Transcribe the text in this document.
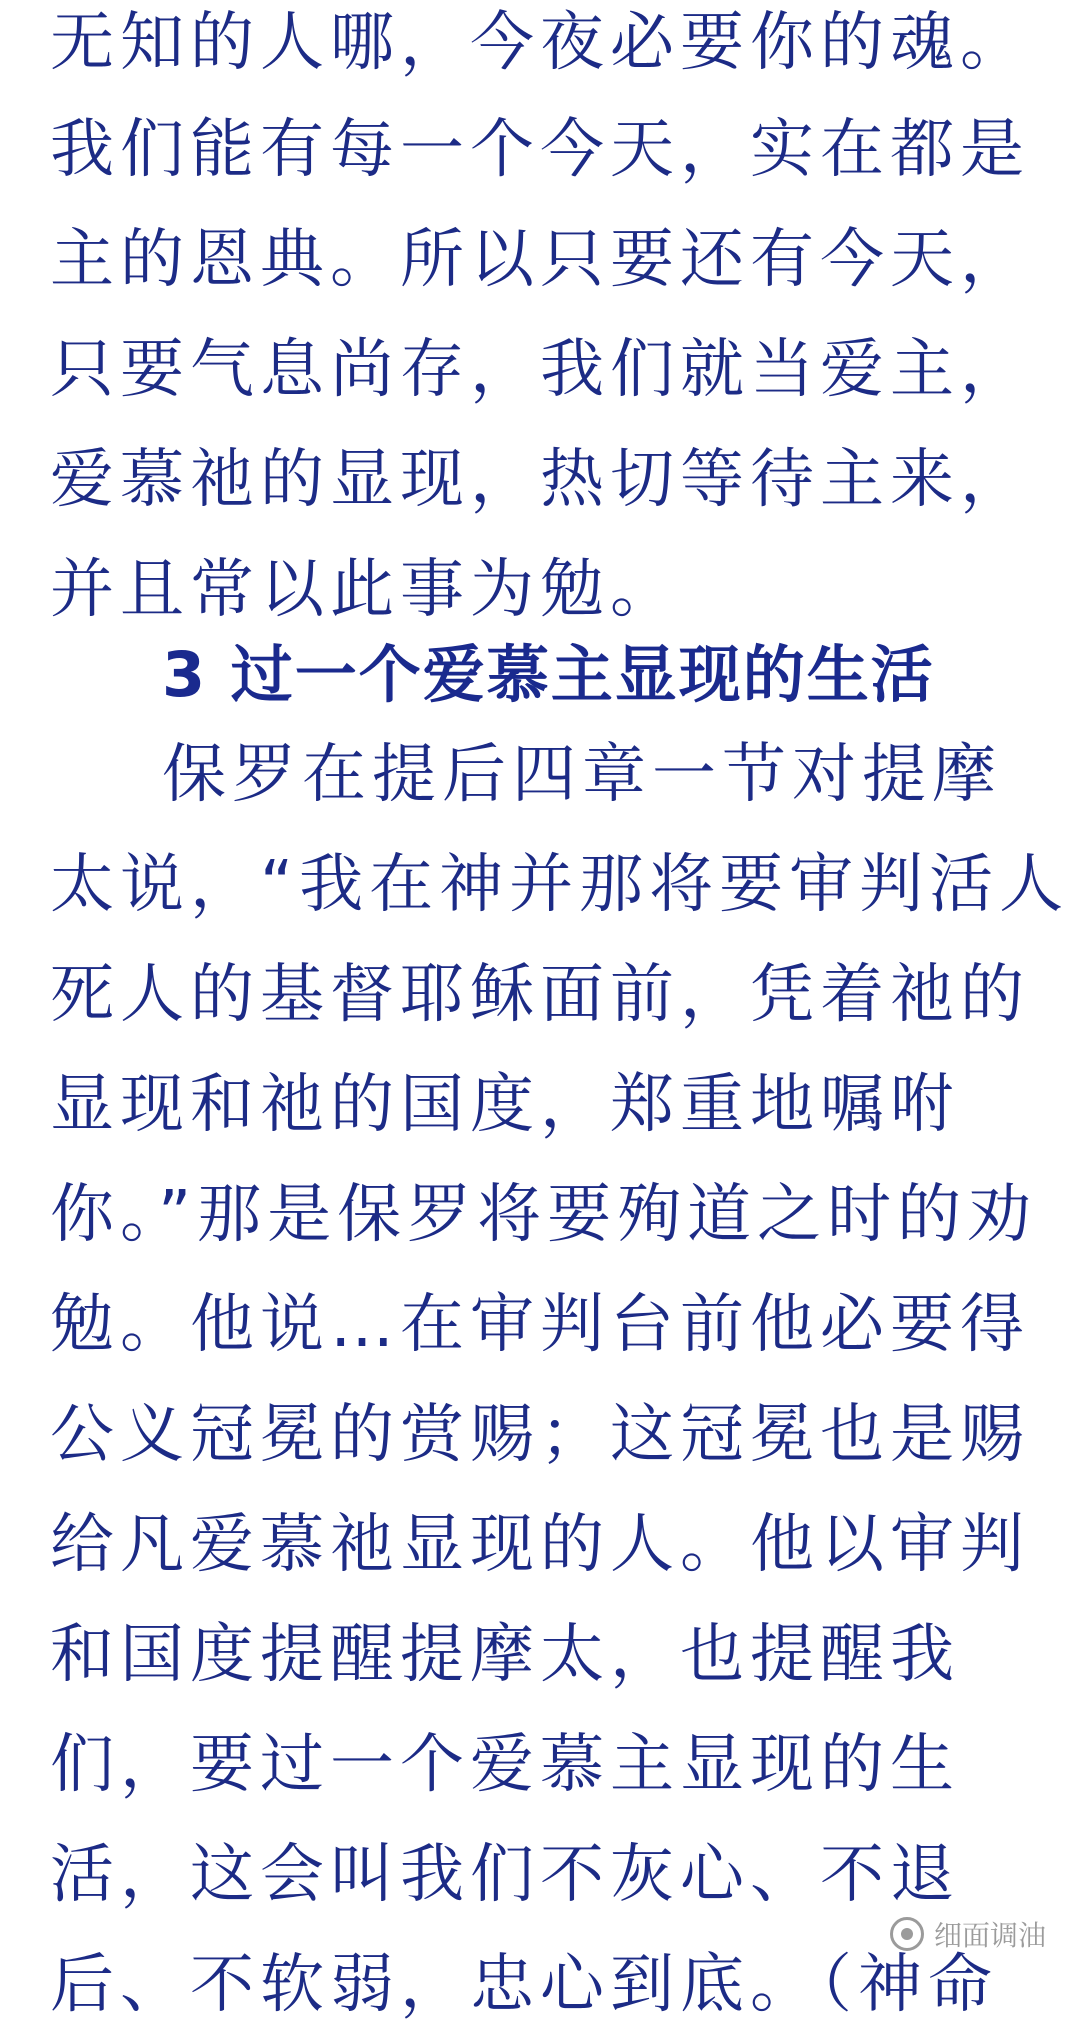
无知的人哪，今夜必要你的魂。
我们能有每一个今天，实在都是
主的恩典。所以只要还有今天，
只要气息尚存，我们就当爱主，
爱慕祂的显现，热切等待主来，
并且常以此事为勉。
3 过一个爱慕主显现的生活
保罗在提后四章一节对提摩
太说，“我在神并那将要审判活人
死人的基督耶稣面前，凭着祂的
显现和祂的国度，郑重地嘱咐
你。”那是保罗将要殉道之时的劝
勉。他说…在审判台前他必要得
公义冠冕的赏赐；这冠冕也是赐
给凡爱慕祂显现的人。他以审判
和国度提醒提摩太，也提醒我
们，要过一个爱慕主显现的生
活，这会叫我们不灰心、不退
后、不软弱，忠心到底。（神命
细面调油
